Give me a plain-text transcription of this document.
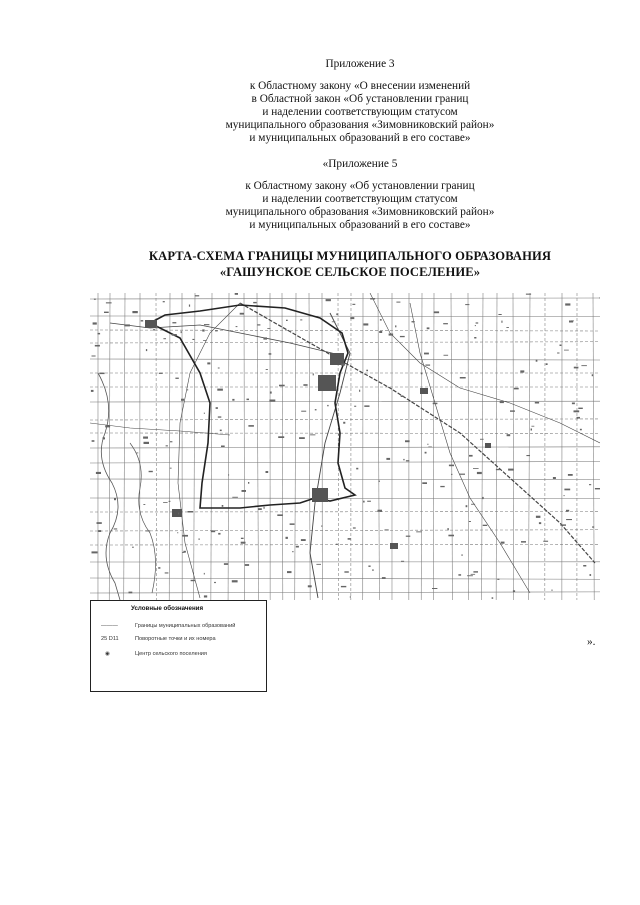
Приложение 3
к Областному закону «О внесении изменений
в Областной закон «Об установлении границ
и наделении соответствующим статусом
муниципального образования «Зимовниковский район»
и муниципальных образований в его составе»
«Приложение 5
к Областному закону «Об установлении границ
и наделении соответствующим статусом
муниципального образования «Зимовниковский район»
и муниципальных образований в его составе»
КАРТА-СХЕМА ГРАНИЦЫ МУНИЦИПАЛЬНОГО ОБРАЗОВАНИЯ
«ГАШУНСКОЕ СЕЛЬСКОЕ ПОСЕЛЕНИЕ»
Условные обозначения
———	Границы муниципальных образований
25 D11	Поворотные точки и их номера
◉	Центр сельского поселения
».
